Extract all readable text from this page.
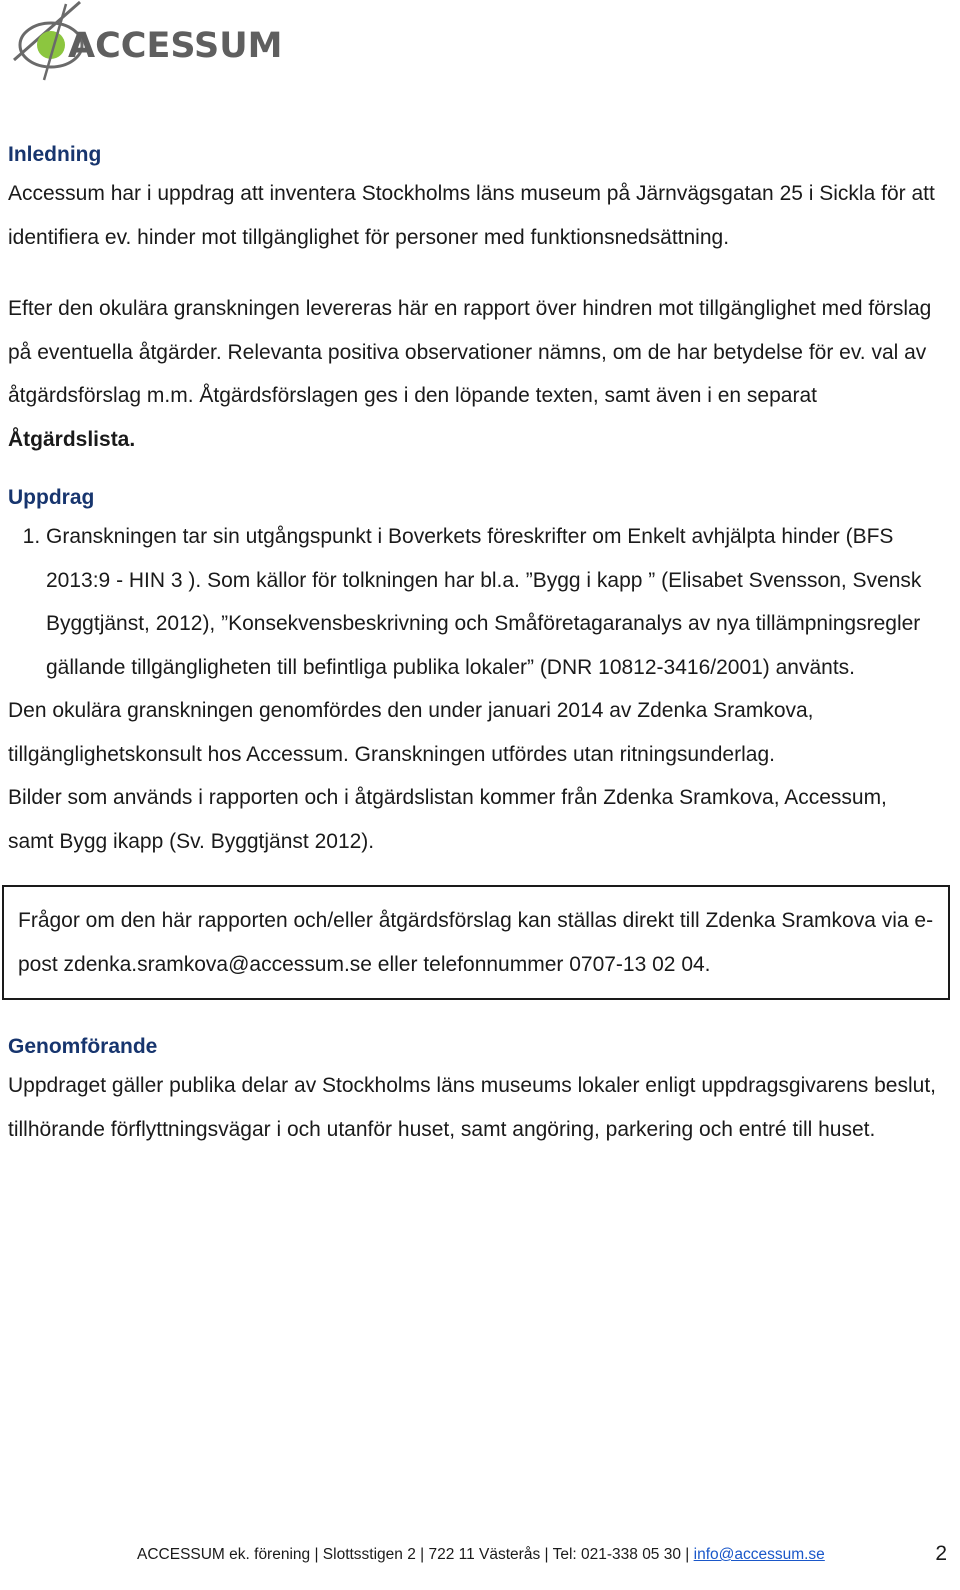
ACCESSUM
Inledning

Accessum har i uppdrag att inventera Stockholms läns museum på Järnvägsgatan 25 i Sickla för att identifiera ev. hinder mot tillgänglighet för personer med funktionsnedsättning.

Efter den okulära granskningen levereras här en rapport över hindren mot tillgänglighet med förslag på eventuella åtgärder. Relevanta positiva observationer nämns, om de har betydelse för ev. val av åtgärdsförslag m.m. Åtgärdsförslagen ges i den löpande texten, samt även i en separat Åtgärdslista.

Uppdrag
1. Granskningen tar sin utgångspunkt i Boverkets föreskrifter om Enkelt avhjälpta hinder (BFS 2013:9 - HIN 3 ). Som källor för tolkningen har bl.a. ”Bygg i kapp ” (Elisabet Svensson, Svensk Byggtjänst, 2012), ”Konsekvensbeskrivning och Småföretagaranalys av nya tillämpningsregler gällande tillgängligheten till befintliga publika lokaler” (DNR 10812-3416/2001) använts.

Den okulära granskningen genomfördes den under januari 2014 av Zdenka Sramkova, tillgänglighetskonsult hos Accessum. Granskningen utfördes utan ritningsunderlag.

Bilder som används i rapporten och i åtgärdslistan kommer från Zdenka Sramkova, Accessum, samt Bygg ikapp (Sv. Byggtjänst 2012).

Frågor om den här rapporten och/eller åtgärdsförslag kan ställas direkt till Zdenka Sramkova via e-post zdenka.sramkova@accessum.se eller telefonnummer 0707-13 02 04.
Genomförande

Uppdraget gäller publika delar av Stockholms läns museums lokaler enligt uppdragsgivarens beslut, tillhörande förflyttningsvägar i och utanför huset, samt angöring, parkering och entré till huset.

ACCESSUM ek. förening | Slottsstigen 2 | 722 11 Västerås | Tel: 021-338 05 30 | info@accessum.se	2
